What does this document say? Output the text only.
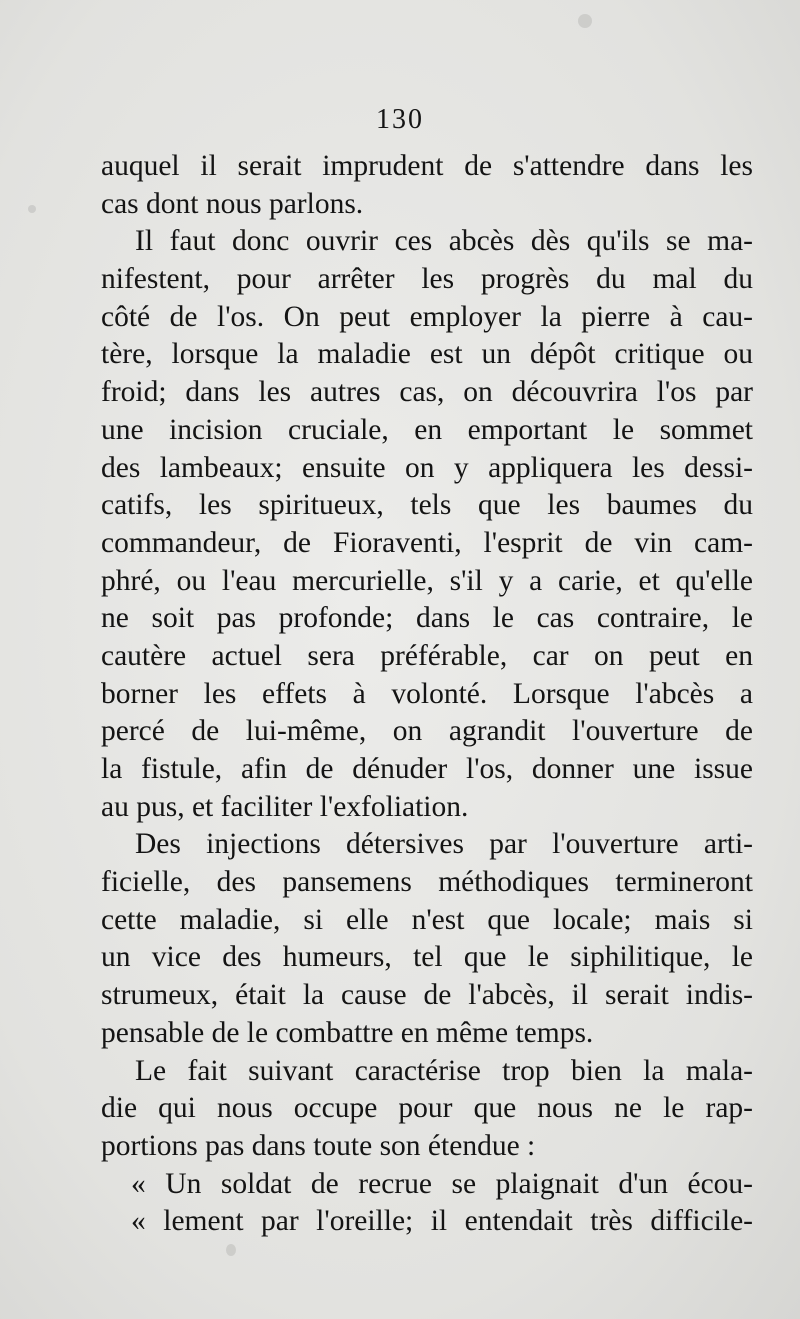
130
auquel il serait imprudent de s'attendre dans les
cas dont nous parlons.
Il faut donc ouvrir ces abcès dès qu'ils se ma-
nifestent, pour arrêter les progrès du mal du
côté de l'os. On peut employer la pierre à cau-
tère, lorsque la maladie est un dépôt critique ou
froid; dans les autres cas, on découvrira l'os par
une incision cruciale, en emportant le sommet
des lambeaux; ensuite on y appliquera les dessi-
catifs, les spiritueux, tels que les baumes du
commandeur, de Fioraventi, l'esprit de vin cam-
phré, ou l'eau mercurielle, s'il y a carie, et qu'elle
ne soit pas profonde; dans le cas contraire, le
cautère actuel sera préférable, car on peut en
borner les effets à volonté. Lorsque l'abcès a
percé de lui-même, on agrandit l'ouverture de
la fistule, afin de dénuder l'os, donner une issue
au pus, et faciliter l'exfoliation.
Des injections détersives par l'ouverture arti-
ficielle, des pansemens méthodiques termineront
cette maladie, si elle n'est que locale; mais si
un vice des humeurs, tel que le siphilitique, le
strumeux, était la cause de l'abcès, il serait indis-
pensable de le combattre en même temps.
Le fait suivant caractérise trop bien la mala-
die qui nous occupe pour que nous ne le rap-
portions pas dans toute son étendue :
« Un soldat de recrue se plaignait d'un écou-
« lement par l'oreille; il entendait très difficile-
